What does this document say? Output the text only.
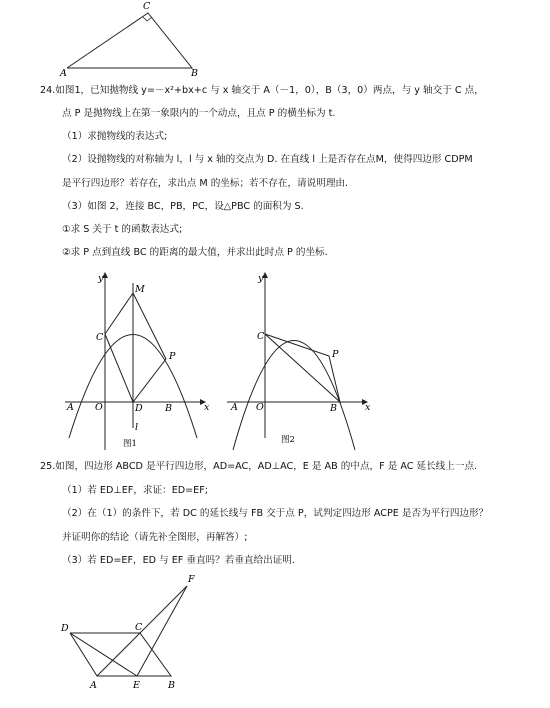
C
A	B
24.如图1，已知抛物线 y=－x²+bx+c 与 x 轴交于 A（－1，0），B（3，0）两点，与 y 轴交于 C 点，
点 P 是抛物线上在第一象限内的一个动点，且点 P 的横坐标为 t.
（1）求抛物线的表达式;
（2）设抛物线的对称轴为 l，l 与 x 轴的交点为 D. 在直线 l 上是否存在点M，使得四边形 CDPM
是平行四边形？若存在，求出点 M 的坐标；若不存在，请说明理由.
（3）如图 2，连接 BC，PB，PC，设△PBC 的面积为 S.
①求 S 关于 t 的函数表达式;
②求 P 点到直线 BC 的距离的最大值，并求出此时点 P 的坐标.
y
x
M
C
P
A O	D B
l
图1
y
x
C
P
A O	B
图2
25.如图，四边形 ABCD 是平行四边形，AD=AC，AD⊥AC，E 是 AB 的中点，F 是 AC 延长线上一点.
（1）若 ED⊥EF，求证：ED=EF;
（2）在（1）的条件下，若 DC 的延长线与 FB 交于点 P，试判定四边形 ACPE 是否为平行四边形？
并证明你的结论（请先补全图形，再解答）;
（3）若 ED=EF，ED 与 EF 垂直吗？若垂直给出证明.
D	C
F
A	E	B
